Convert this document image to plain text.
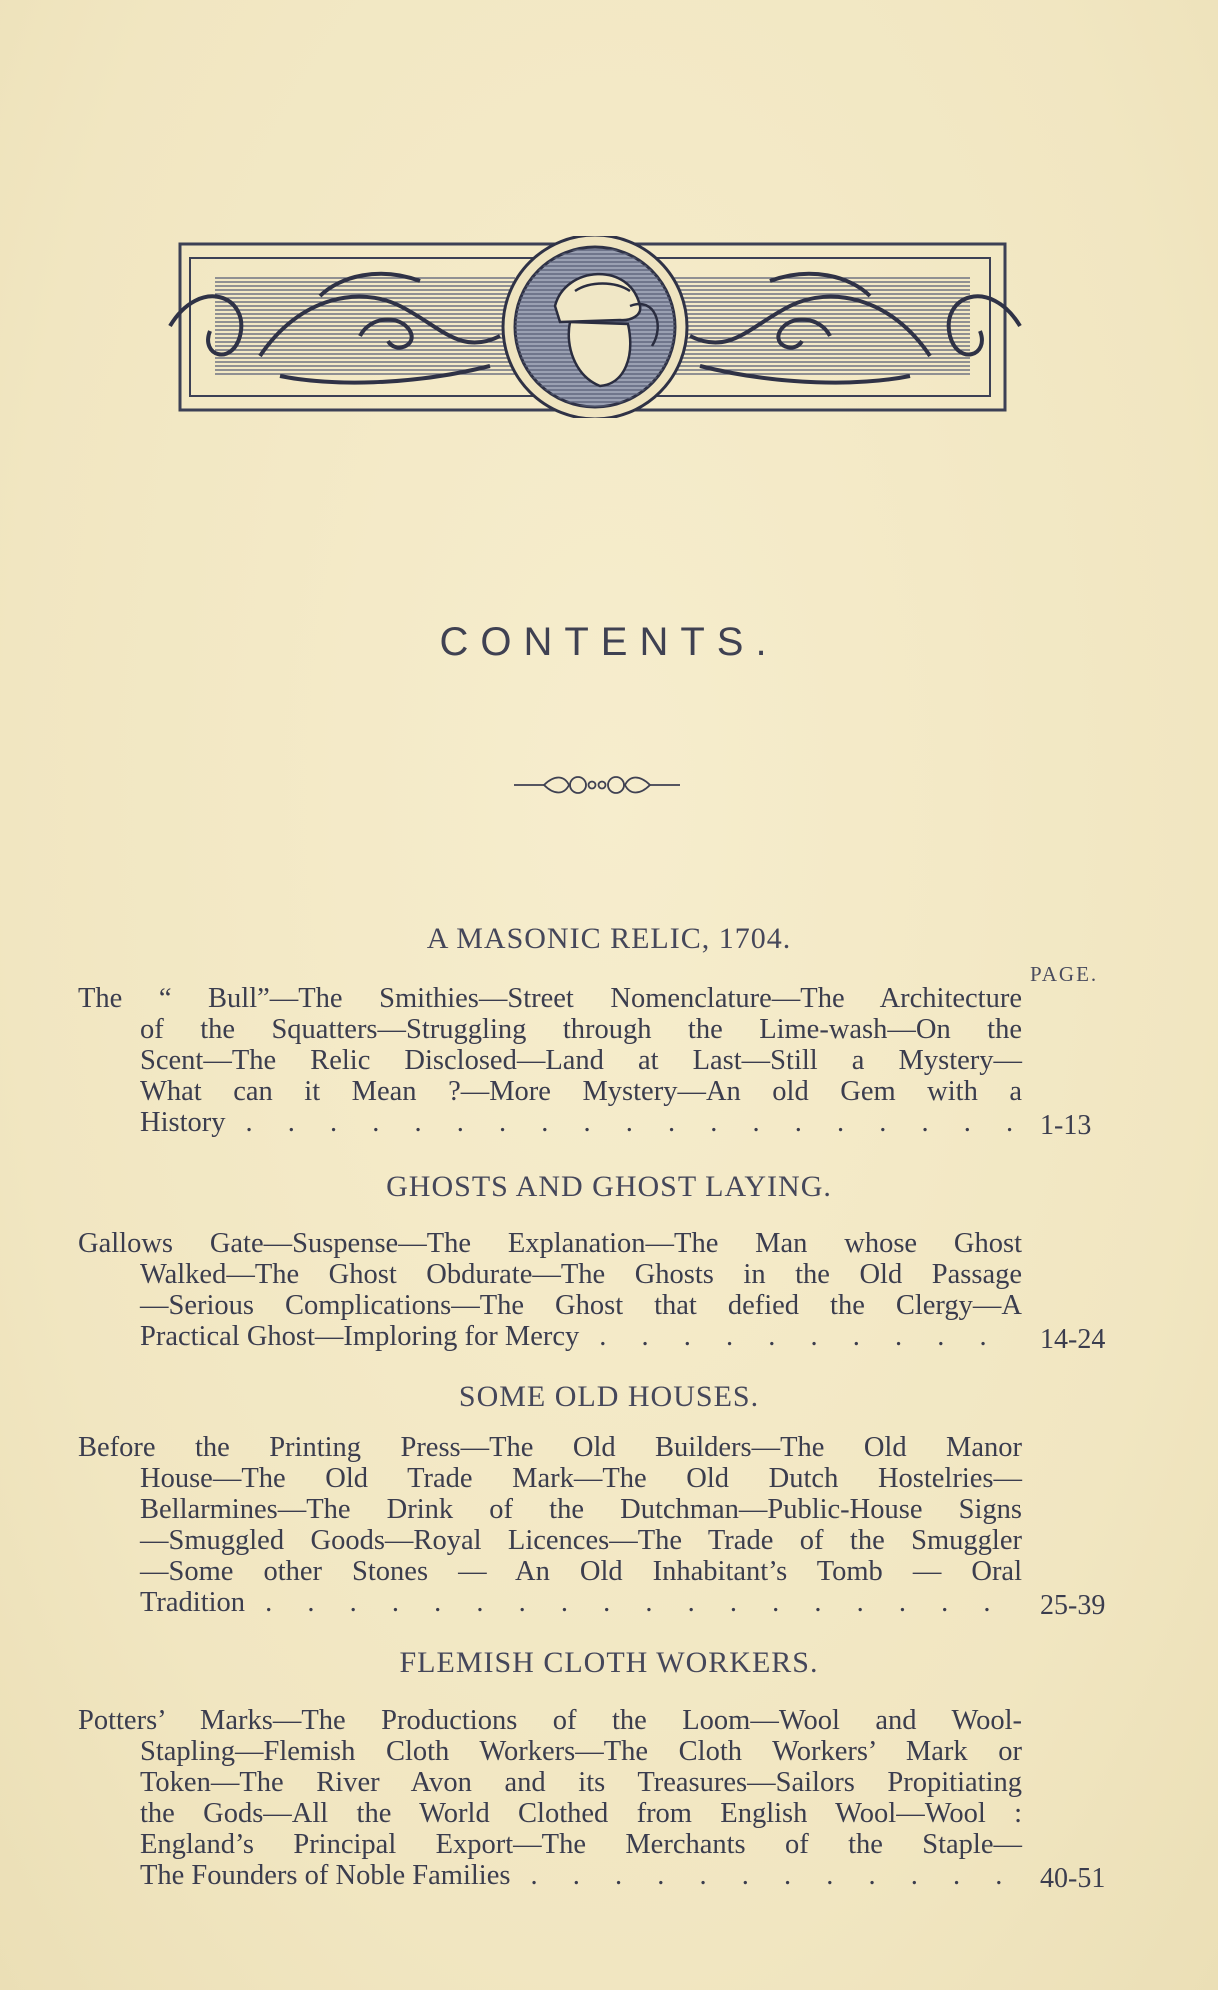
CONTENTS.
A MASONIC RELIC, 1704.
PAGE.
The “ Bull”—The Smithies—Street Nomenclature—The Architecture
of the Squatters—Struggling through the Lime-wash—On the
Scent—The Relic Disclosed—Land at Last—Still a Mystery—
What can it Mean ?—More Mystery—An old Gem with a
History . . .	1-13
GHOSTS AND GHOST LAYING.
Gallows Gate—Suspense—The Explanation—The Man whose Ghost
Walked—The Ghost Obdurate—The Ghosts in the Old Passage
—Serious Complications—The Ghost that defied the Clergy—A
Practical Ghost—Imploring for Mercy . . .	14-24
SOME OLD HOUSES.
Before the Printing Press—The Old Builders—The Old Manor
House—The Old Trade Mark—The Old Dutch Hostelries—
Bellarmines—The Drink of the Dutchman—Public-House Signs
—Smuggled Goods—Royal Licences—The Trade of the Smuggler
—Some other Stones — An Old Inhabitant’s Tomb — Oral
Tradition . . .	25-39
FLEMISH CLOTH WORKERS.
Potters’ Marks—The Productions of the Loom—Wool and Wool-
Stapling—Flemish Cloth Workers—The Cloth Workers’ Mark or
Token—The River Avon and its Treasures—Sailors Propitiating
the Gods—All the World Clothed from English Wool—Wool :
England’s Principal Export—The Merchants of the Staple—
The Founders of Noble Families . . .	40-51
